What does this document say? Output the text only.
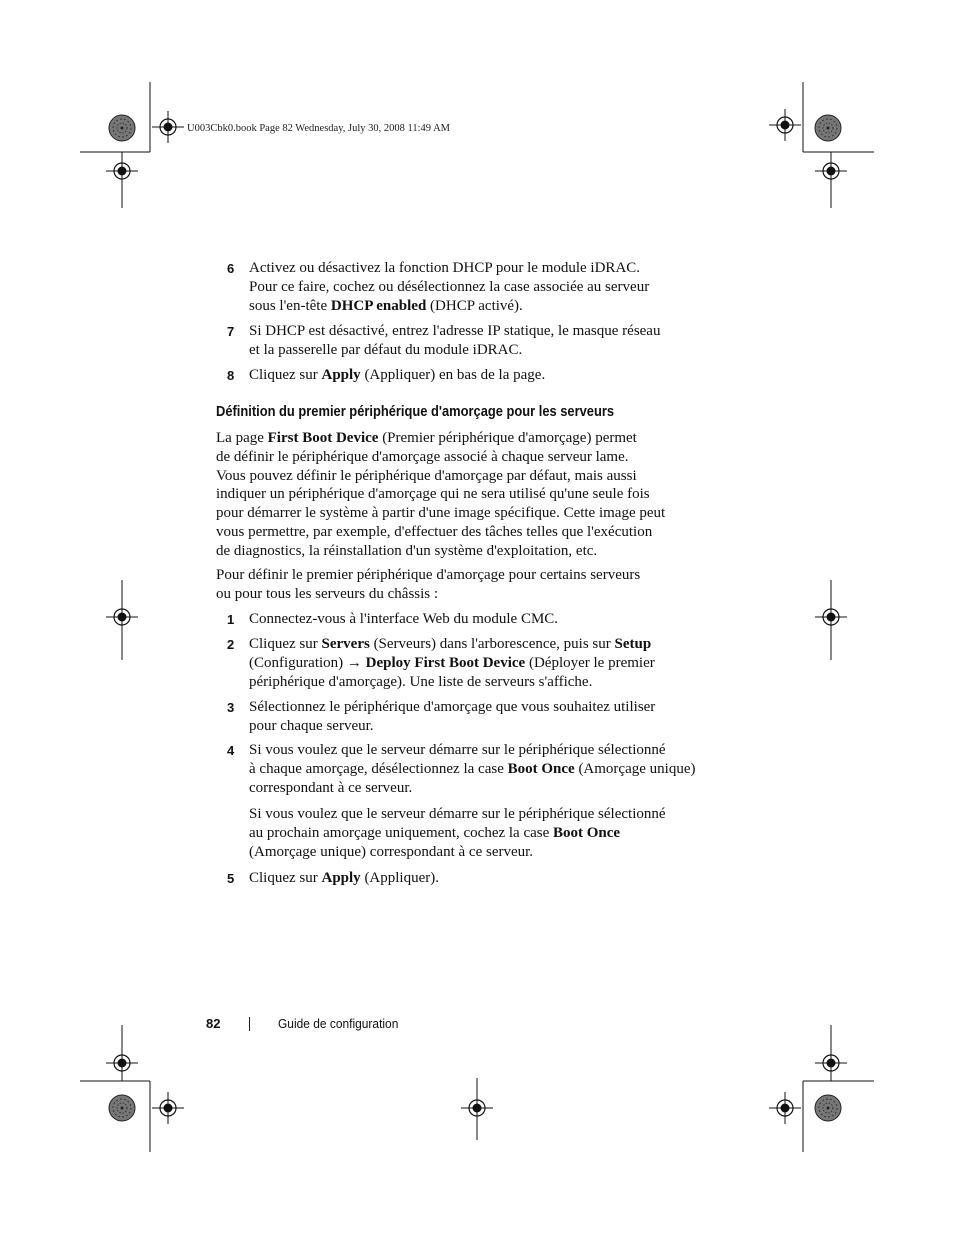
U003Cbk0.book Page 82 Wednesday, July 30, 2008 11:49 AM
6 Activez ou désactivez la fonction DHCP pour le module iDRAC.
Pour ce faire, cochez ou désélectionnez la case associée au serveur
sous l'en-tête DHCP enabled (DHCP activé).
7 Si DHCP est désactivé, entrez l'adresse IP statique, le masque réseau
et la passerelle par défaut du module iDRAC.
8 Cliquez sur Apply (Appliquer) en bas de la page.
Définition du premier périphérique d'amorçage pour les serveurs
La page First Boot Device (Premier périphérique d'amorçage) permet
de définir le périphérique d'amorçage associé à chaque serveur lame.
Vous pouvez définir le périphérique d'amorçage par défaut, mais aussi
indiquer un périphérique d'amorçage qui ne sera utilisé qu'une seule fois
pour démarrer le système à partir d'une image spécifique. Cette image peut
vous permettre, par exemple, d'effectuer des tâches telles que l'exécution
de diagnostics, la réinstallation d'un système d'exploitation, etc.
Pour définir le premier périphérique d'amorçage pour certains serveurs
ou pour tous les serveurs du châssis :
1 Connectez-vous à l'interface Web du module CMC.
2 Cliquez sur Servers (Serveurs) dans l'arborescence, puis sur Setup
(Configuration) → Deploy First Boot Device (Déployer le premier
périphérique d'amorçage). Une liste de serveurs s'affiche.
3 Sélectionnez le périphérique d'amorçage que vous souhaitez utiliser
pour chaque serveur.
4 Si vous voulez que le serveur démarre sur le périphérique sélectionné
à chaque amorçage, désélectionnez la case Boot Once (Amorçage unique)
correspondant à ce serveur.
Si vous voulez que le serveur démarre sur le périphérique sélectionné
au prochain amorçage uniquement, cochez la case Boot Once
(Amorçage unique) correspondant à ce serveur.
5 Cliquez sur Apply (Appliquer).
82	Guide de configuration
